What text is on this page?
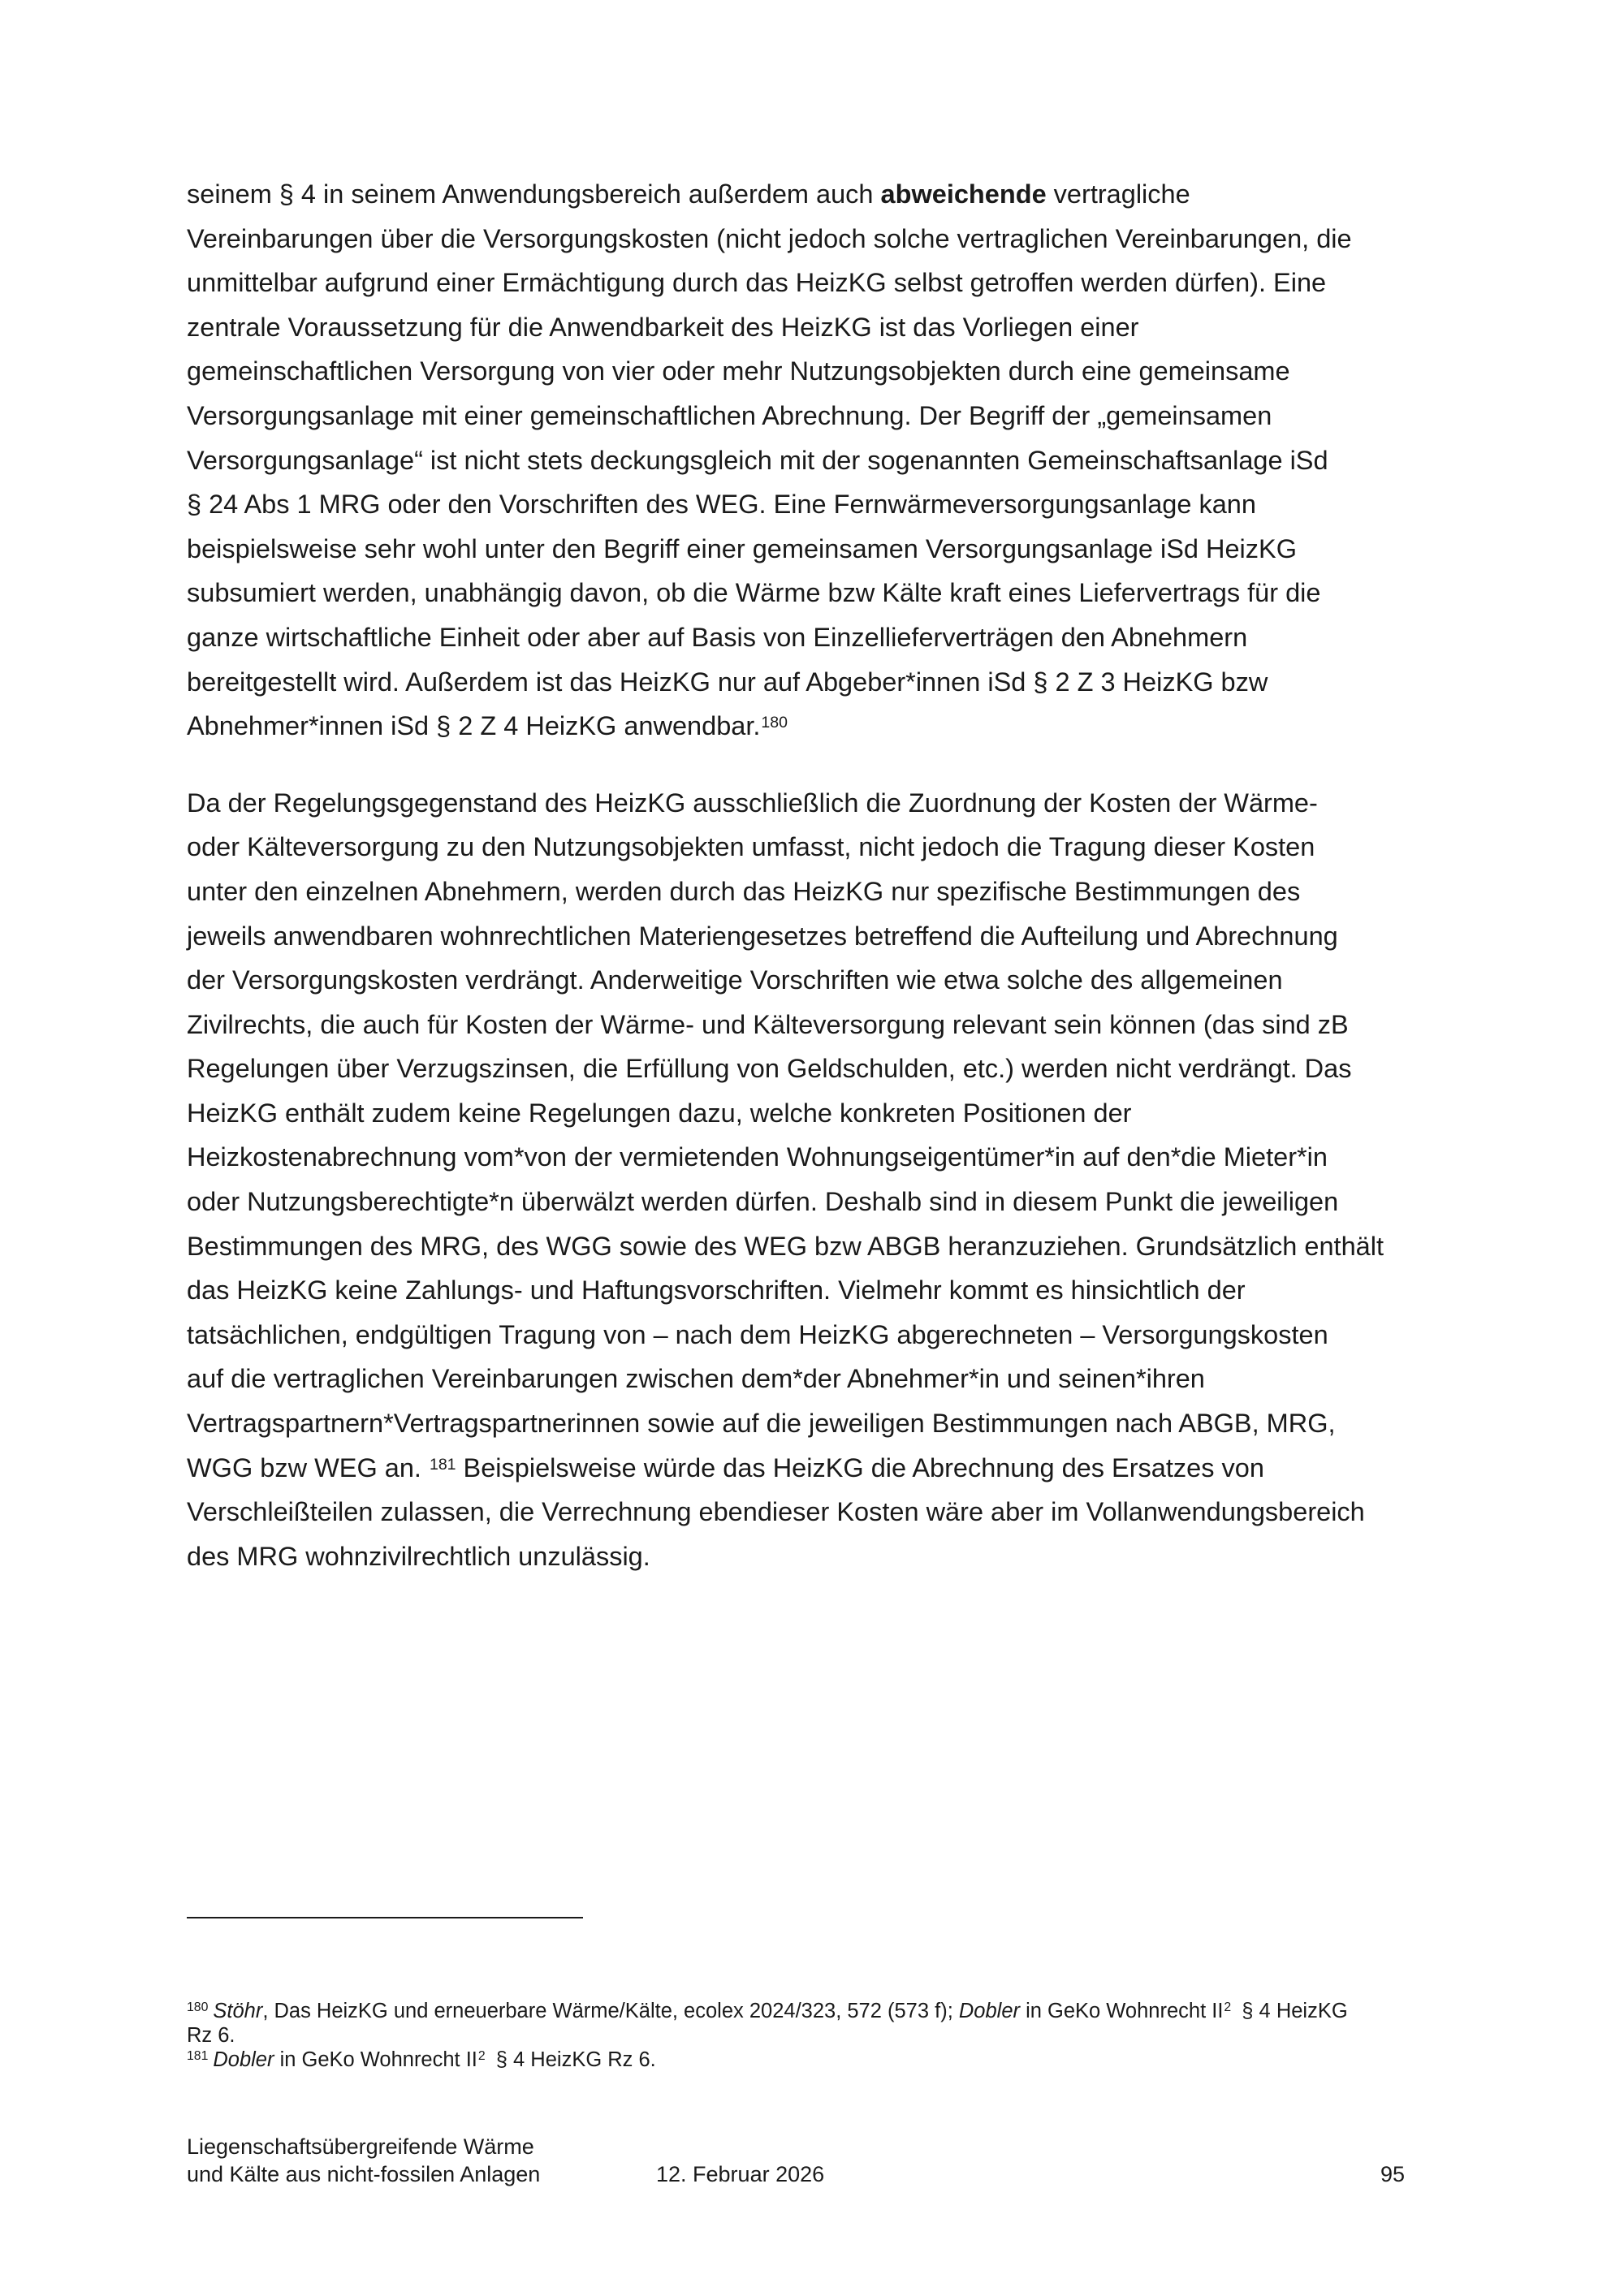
seinem § 4 in seinem Anwendungsbereich außerdem auch abweichende vertragliche
Vereinbarungen über die Versorgungskosten (nicht jedoch solche vertraglichen Vereinbarungen, die
unmittelbar aufgrund einer Ermächtigung durch das HeizKG selbst getroffen werden dürfen). Eine
zentrale Voraussetzung für die Anwendbarkeit des HeizKG ist das Vorliegen einer
gemeinschaftlichen Versorgung von vier oder mehr Nutzungsobjekten durch eine gemeinsame
Versorgungsanlage mit einer gemeinschaftlichen Abrechnung. Der Begriff der „gemeinsamen
Versorgungsanlage“ ist nicht stets deckungsgleich mit der sogenannten Gemeinschaftsanlage iSd
§ 24 Abs 1 MRG oder den Vorschriften des WEG. Eine Fernwärmeversorgungsanlage kann
beispielsweise sehr wohl unter den Begriff einer gemeinsamen Versorgungsanlage iSd HeizKG
subsumiert werden, unabhängig davon, ob die Wärme bzw Kälte kraft eines Liefervertrags für die
ganze wirtschaftliche Einheit oder aber auf Basis von Einzellieferverträgen den Abnehmern
bereitgestellt wird. Außerdem ist das HeizKG nur auf Abgeber*innen iSd § 2 Z 3 HeizKG bzw
Abnehmer*innen iSd § 2 Z 4 HeizKG anwendbar.$^{180}$

Da der Regelungsgegenstand des HeizKG ausschließlich die Zuordnung der Kosten der Wärme-
oder Kälteversorgung zu den Nutzungsobjekten umfasst, nicht jedoch die Tragung dieser Kosten
unter den einzelnen Abnehmern, werden durch das HeizKG nur spezifische Bestimmungen des
jeweils anwendbaren wohnrechtlichen Materiengesetzes betreffend die Aufteilung und Abrechnung
der Versorgungskosten verdrängt. Anderweitige Vorschriften wie etwa solche des allgemeinen
Zivilrechts, die auch für Kosten der Wärme- und Kälteversorgung relevant sein können (das sind zB
Regelungen über Verzugszinsen, die Erfüllung von Geldschulden, etc.) werden nicht verdrängt. Das
HeizKG enthält zudem keine Regelungen dazu, welche konkreten Positionen der
Heizkostenabrechnung vom*von der vermietenden Wohnungseigentümer*in auf den*die Mieter*in
oder Nutzungsberechtigte*n überwälzt werden dürfen. Deshalb sind in diesem Punkt die jeweiligen
Bestimmungen des MRG, des WGG sowie des WEG bzw ABGB heranzuziehen. Grundsätzlich enthält
das HeizKG keine Zahlungs- und Haftungsvorschriften. Vielmehr kommt es hinsichtlich der
tatsächlichen, endgültigen Tragung von – nach dem HeizKG abgerechneten – Versorgungskosten
auf die vertraglichen Vereinbarungen zwischen dem*der Abnehmer*in und seinen*ihren
Vertragspartnern*Vertragspartnerinnen sowie auf die jeweiligen Bestimmungen nach ABGB, MRG,
WGG bzw WEG an. $^{181}$ Beispielsweise würde das HeizKG die Abrechnung des Ersatzes von
Verschleißteilen zulassen, die Verrechnung ebendieser Kosten wäre aber im Vollanwendungsbereich
des MRG wohnzivilrechtlich unzulässig.

$^{180}$ Stöhr, Das HeizKG und erneuerbare Wärme/Kälte, ecolex 2024/323, 572 (573 f); Dobler in GeKo Wohnrecht $II^2$ § 4 HeizKG
Rz 6.
$^{181}$ Dobler in GeKo Wohnrecht $II^2$ § 4 HeizKG Rz 6.
Liegenschaftsübergreifende Wärme
und Kälte aus nicht-fossilen Anlagen	12. Februar 2026	95
